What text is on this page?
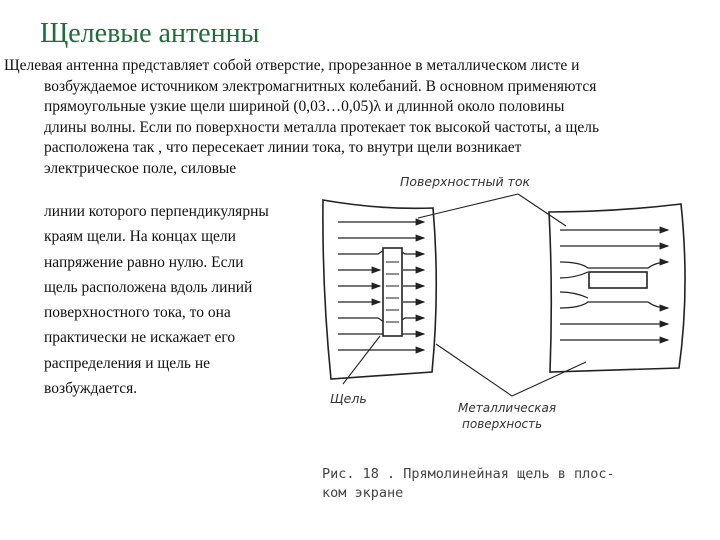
Щелевые антенны

Щелевая антенна представляет собой отверстие, прорезанное в металлическом листе и
возбуждаемое источником электромагнитных колебаний. В основном применяются
прямоугольные узкие щели шириной (0,03…0,05)λ и длинной около половины
длины волны. Если по поверхности металла протекает ток высокой частоты, а щель
расположена так , что пересекает линии тока, то внутри щели возникает
электрическое поле, силовые

линии которого перпендикулярны
краям щели. На концах щели
напряжение равно нулю. Если
щель расположена вдоль линий
поверхностного тока, то она
практически не искажает его
распределения и щель не
возбуждается.

Поверхностный ток
Щель
Металлическая
поверхность
Рис. 18 . Прямолинейная щель в плос-
ком экране
